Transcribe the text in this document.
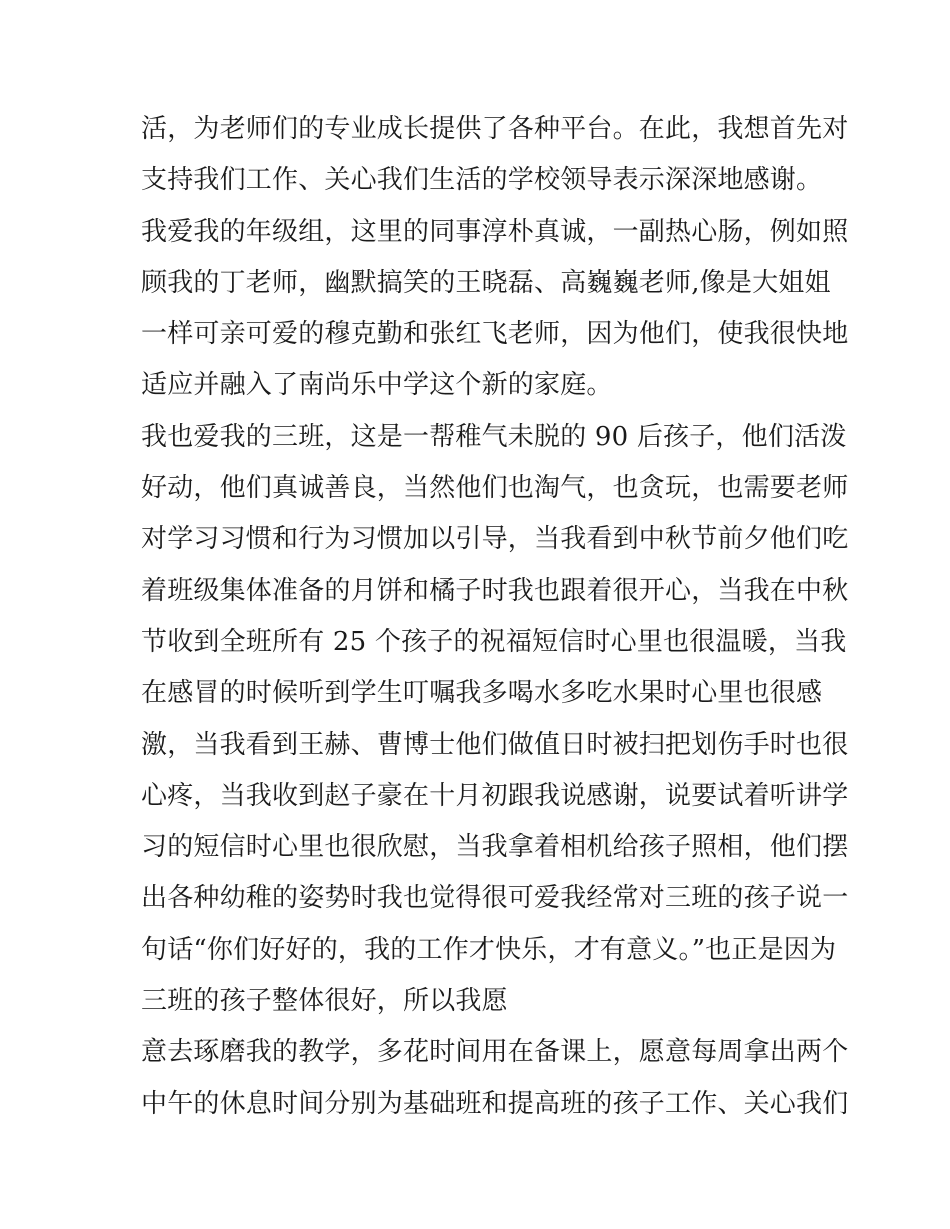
活，为老师们的专业成长提供了各种平台。在此，我想首先对
支持我们工作、关心我们生活的学校领导表示深深地感谢。
我爱我的年级组，这里的同事淳朴真诚，一副热心肠，例如照
顾我的丁老师，幽默搞笑的王晓磊、高巍巍老师,像是大姐姐
一样可亲可爱的穆克勤和张红飞老师，因为他们，使我很快地
适应并融入了南尚乐中学这个新的家庭。
我也爱我的三班，这是一帮稚气未脱的 90 后孩子，他们活泼
好动，他们真诚善良，当然他们也淘气，也贪玩，也需要老师
对学习习惯和行为习惯加以引导，当我看到中秋节前夕他们吃
着班级集体准备的月饼和橘子时我也跟着很开心，当我在中秋
节收到全班所有 25 个孩子的祝福短信时心里也很温暖，当我
在感冒的时候听到学生叮嘱我多喝水多吃水果时心里也很感
激，当我看到王赫、曹博士他们做值日时被扫把划伤手时也很
心疼，当我收到赵子豪在十月初跟我说感谢，说要试着听讲学
习的短信时心里也很欣慰，当我拿着相机给孩子照相，他们摆
出各种幼稚的姿势时我也觉得很可爱我经常对三班的孩子说一
句话“你们好好的，我的工作才快乐，才有意义。”也正是因为
三班的孩子整体很好，所以我愿
意去琢磨我的教学，多花时间用在备课上，愿意每周拿出两个
中午的休息时间分别为基础班和提高班的孩子工作、关心我们
